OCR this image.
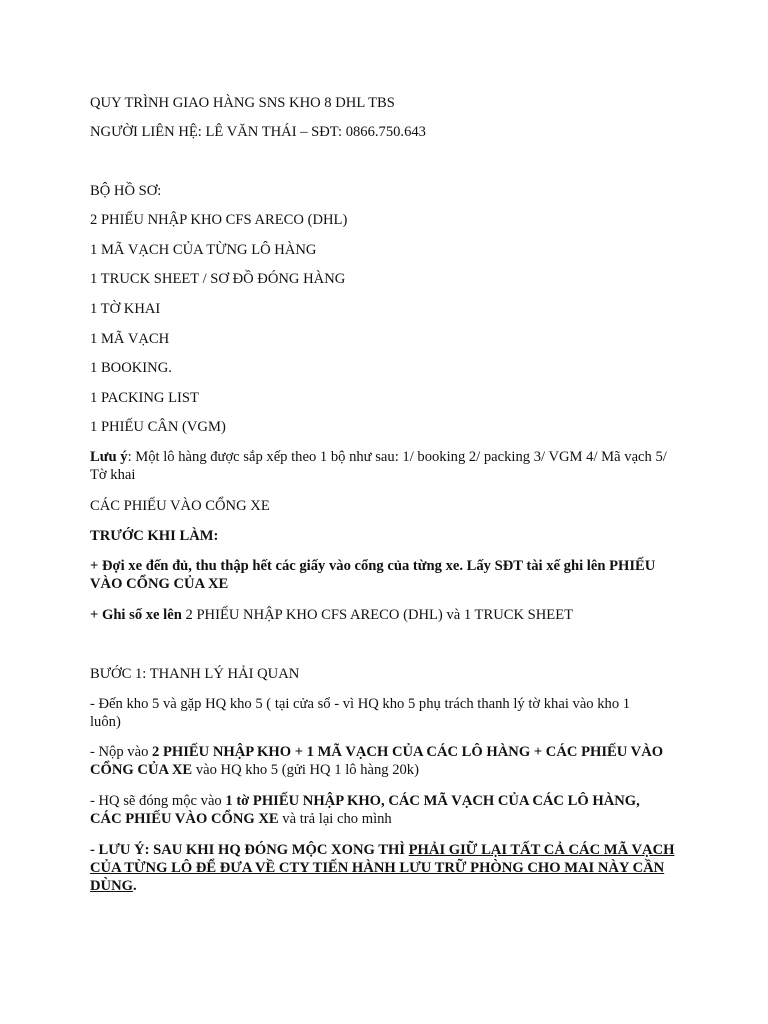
QUY TRÌNH GIAO HÀNG SNS KHO 8 DHL TBS

NGƯỜI LIÊN HỆ: LÊ VĂN THÁI – SĐT: 0866.750.643

BỘ HỒ SƠ:

2 PHIẾU NHẬP KHO CFS ARECO (DHL)

1 MÃ VẠCH CỦA TỪNG LÔ HÀNG

1 TRUCK SHEET / SƠ ĐỒ ĐÓNG HÀNG

1 TỜ KHAI

1 MÃ VẠCH

1 BOOKING.

1 PACKING LIST

1 PHIẾU CÂN (VGM)

Lưu ý: Một lô hàng được sắp xếp theo 1 bộ như sau: 1/ booking 2/ packing 3/ VGM 4/ Mã vạch 5/ Tờ khai

CÁC PHIẾU VÀO CỔNG XE

TRƯỚC KHI LÀM:

+ Đợi xe đến đủ, thu thập hết các giấy vào cổng của từng xe. Lấy SĐT tài xế ghi lên PHIẾU VÀO CỔNG CỦA XE

+ Ghi số xe lên 2 PHIẾU NHẬP KHO CFS ARECO (DHL) và 1 TRUCK SHEET

BƯỚC 1: THANH LÝ HẢI QUAN

- Đến kho 5 và gặp HQ kho 5 ( tại cửa sổ - vì HQ kho 5 phụ trách thanh lý tờ khai vào kho 1 luôn)

- Nộp vào 2 PHIẾU NHẬP KHO + 1 MÃ VẠCH CỦA CÁC LÔ HÀNG + CÁC PHIẾU VÀO CỔNG CỦA XE vào HQ kho 5 (gửi HQ 1 lô hàng 20k)

- HQ sẽ đóng mộc vào 1 tờ PHIẾU NHẬP KHO, CÁC MÃ VẠCH CỦA CÁC LÔ HÀNG, CÁC PHIẾU VÀO CỔNG XE và trả lại cho mình

- LƯU Ý: SAU KHI HQ ĐÓNG MỘC XONG THÌ PHẢI GIỮ LẠI TẤT CẢ CÁC MÃ VẠCH CỦA TỪNG LÔ ĐỂ ĐƯA VỀ CTY TIẾN HÀNH LƯU TRỮ PHÒNG CHO MAI NÀY CẦN DÙNG.
